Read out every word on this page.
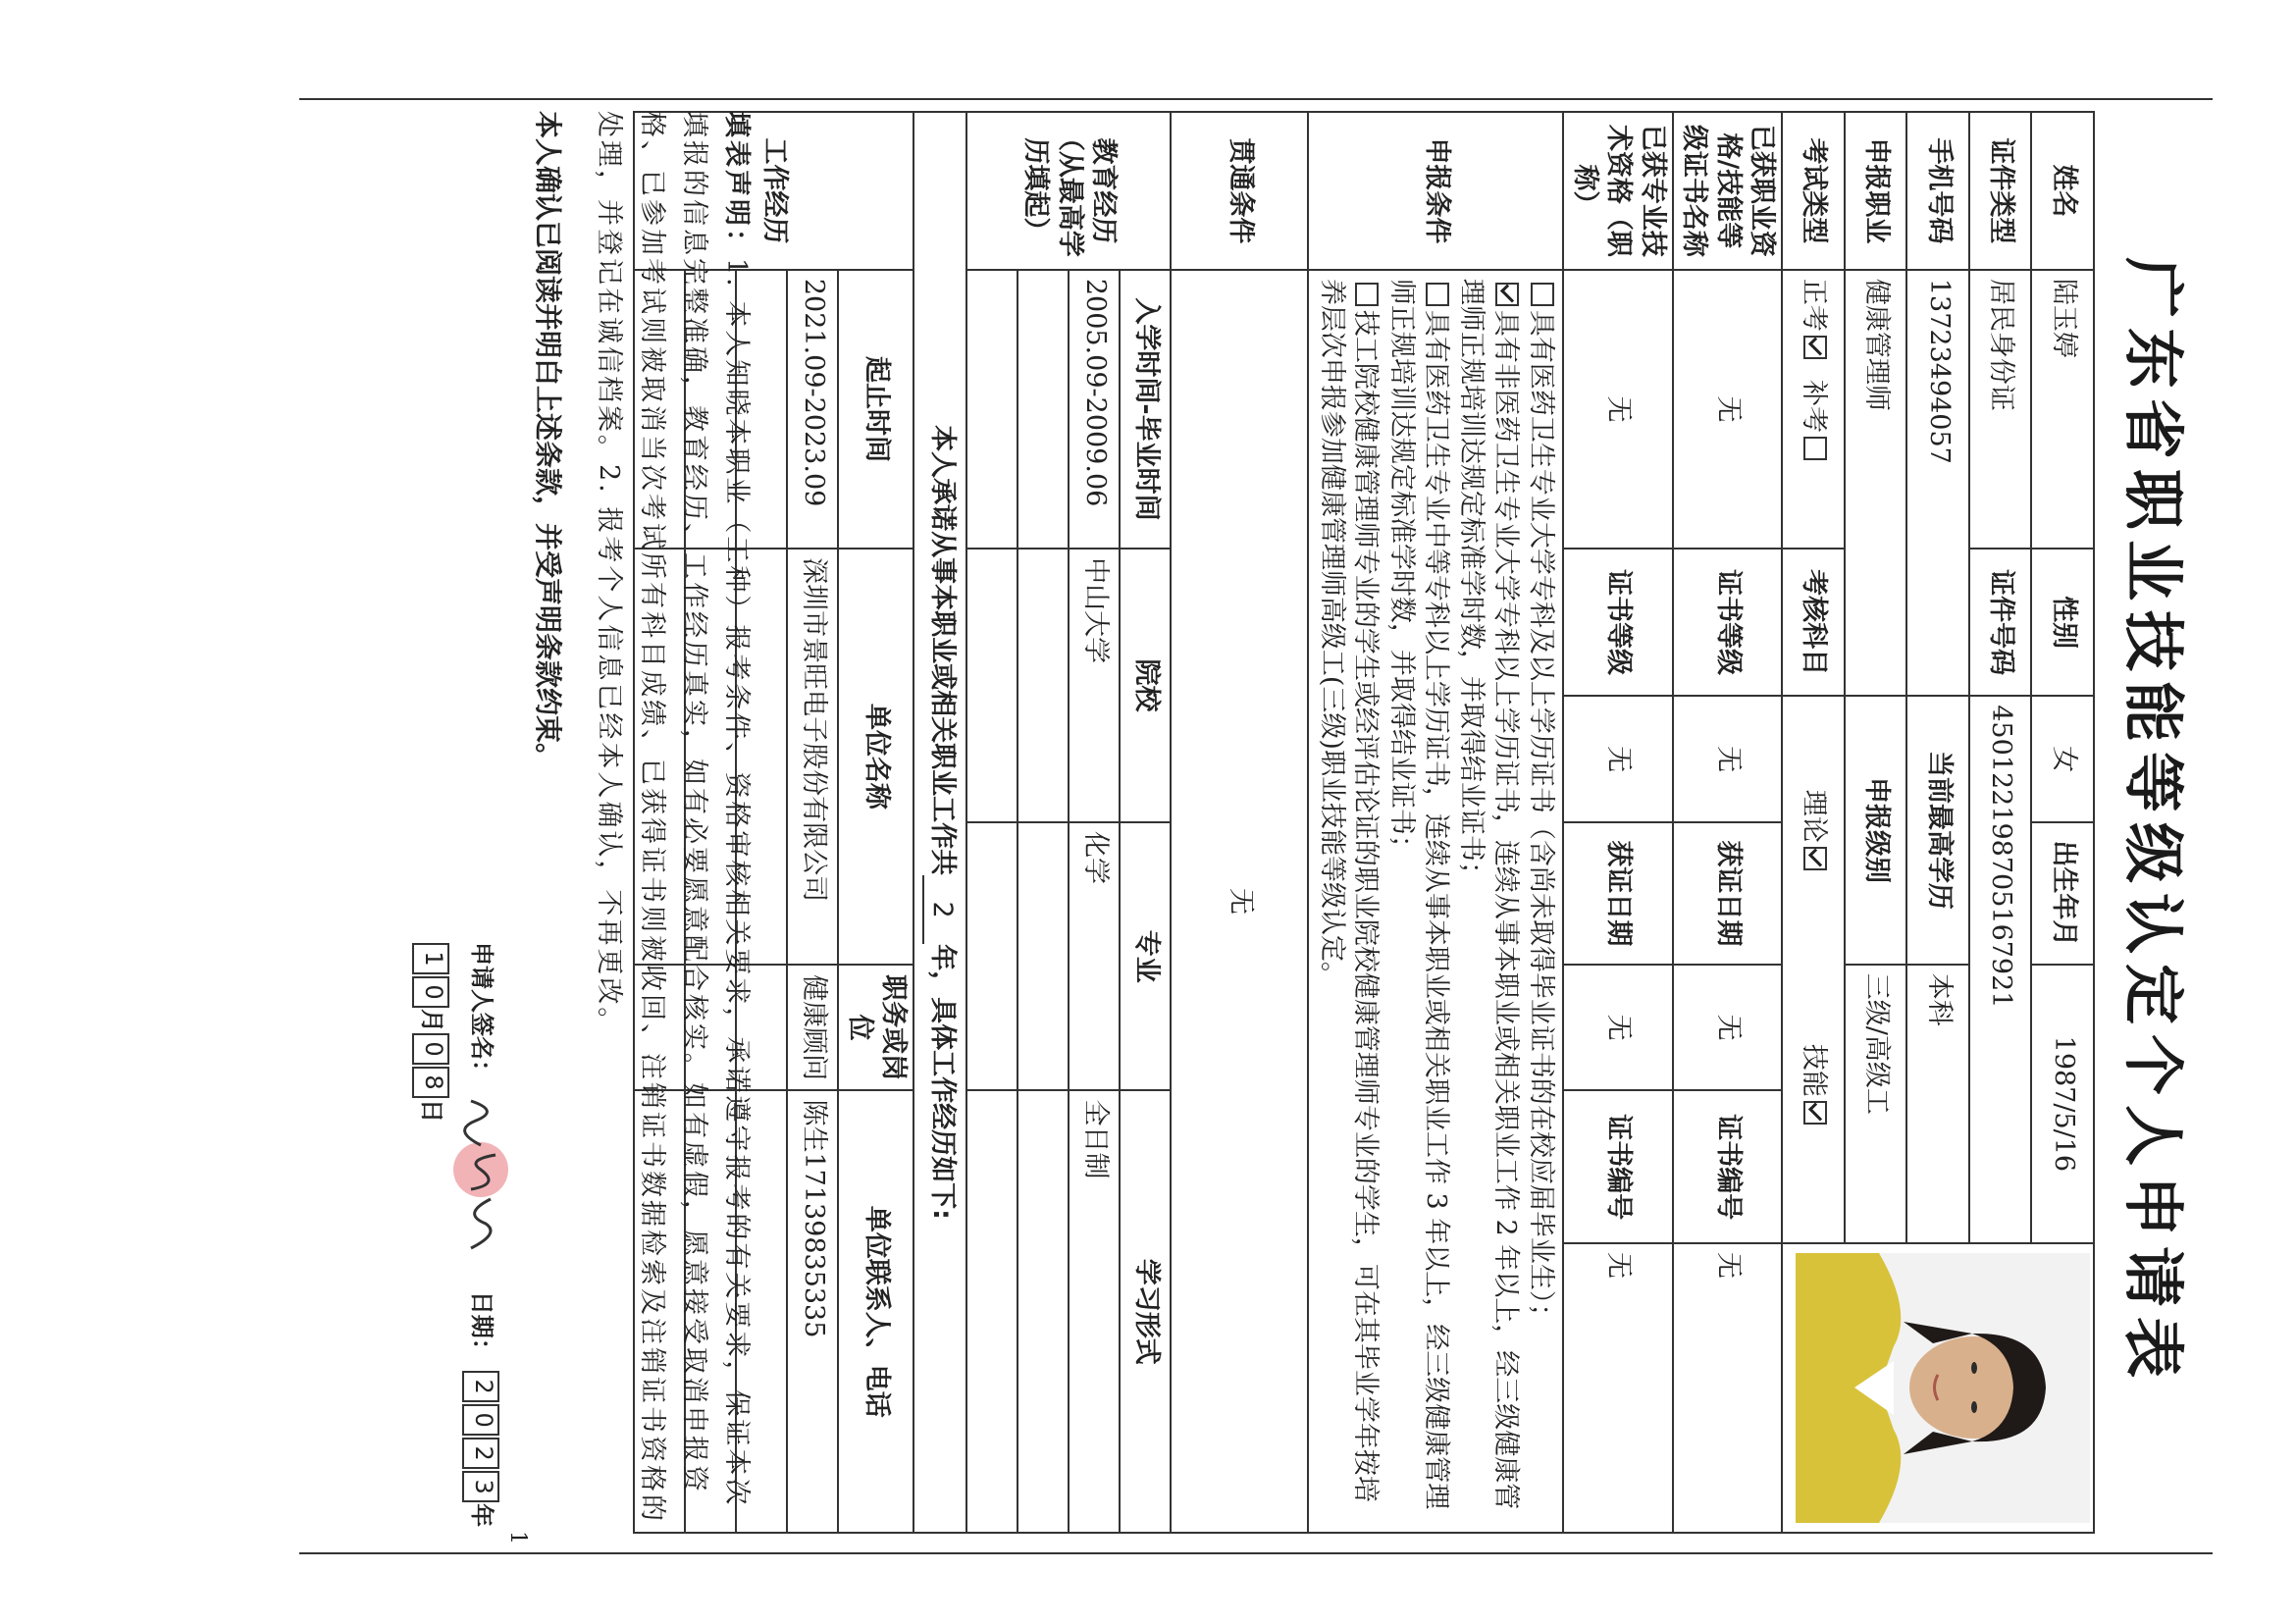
广东省职业技能等级认定个人申请表
姓名	陆玉婷	性别	女	出生年月	1987/5/16	
证件类型	居民身份证	证件号码	450122198705167921				
手机号码	13723494057		当前最高学历		本科		
申报职业	健康管理师		申报级别		三级/高级工		
考试类型	正考  补考	考核科目	理论技能				
已获职业资格/技能等级证书名称	无	证书等级	无	获证日期	无	证书编号	无
已获专业技术资格（职称）	无	证书等级	无	获证日期	无	证书编号	无
申报条件	具有医药卫生专业大学专科及以上学历证书（含尚未取得毕业证书的在校应届毕业生）；

具有非医药卫生专业大学专科以上学历证书，连续从事本职业或相关职业工作 2 年以上，经三级健康管理师正规培训达规定标准学时数，并取得结业证书；

具有医药卫生专业中等专科以上学历证书，连续从事本职业或相关职业工作 3 年以上，经三级健康管理师正规培训达规定标准学时数，并取得结业证书；

技工院校健康管理师专业的学生或经评估论证的职业院校健康管理师专业的学生，可在其毕业学年按培养层次申报参加健康管理师高级工(三级)职业技能等级认定。						

贯通条件	无						
教育经历（从最高学历填起）	入学时间-毕业时间	院校		专业		学习形式	
	2005.09-2009.06	中山大学		化学		全日制	

本人承诺从事本职业或相关职业工作共2年，具体工作经历如下:							
工作经历	起止时间	单位名称			职务或岗位	单位联系人、电话	
	2021.09-2023.09	深圳市景旺电子股份有限公司			健康顾问	陈生17139835335	

填表声明：1. 本人知晓本职业（工种）报考条件、资格审核相关要求，承诺遵守报考的有关要求，保证本次填报的信息完整准确，教育经历、工作经历真实，如有必要愿意配合核实。如有虚假，愿意接受取消申报资格、已参加考试则被取消当次考试所有科目成绩、已获得证书则被收回、注销证书数据检索及注销证书资格的处理，并登记在诚信档案。2. 报考个人信息已经本人确认，不再更改。
本人确认已阅读并明白上述条款，并受声明条款约束。
申请人签名：     日期： 2023年10月08日
1
